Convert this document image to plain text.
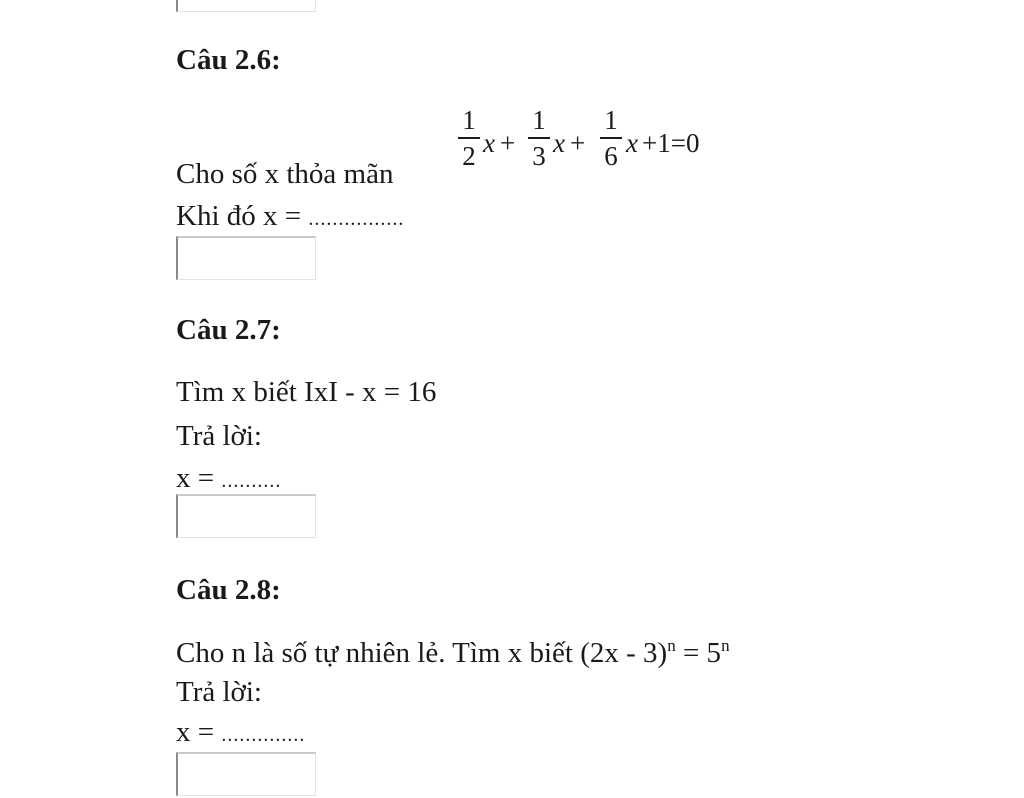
Câu 2.6:
Cho số x thỏa mãn
1
2 x +
1
3 x +
1
6 x +1=0
Khi đó x = ................
Câu 2.7:
Tìm x biết IxI - x = 16
Trả lời:
x = ..........
Câu 2.8:
Cho n là số tự nhiên lẻ. Tìm x biết $(2x - 3)^n = 5^n$
Trả lời:
x = ..............
